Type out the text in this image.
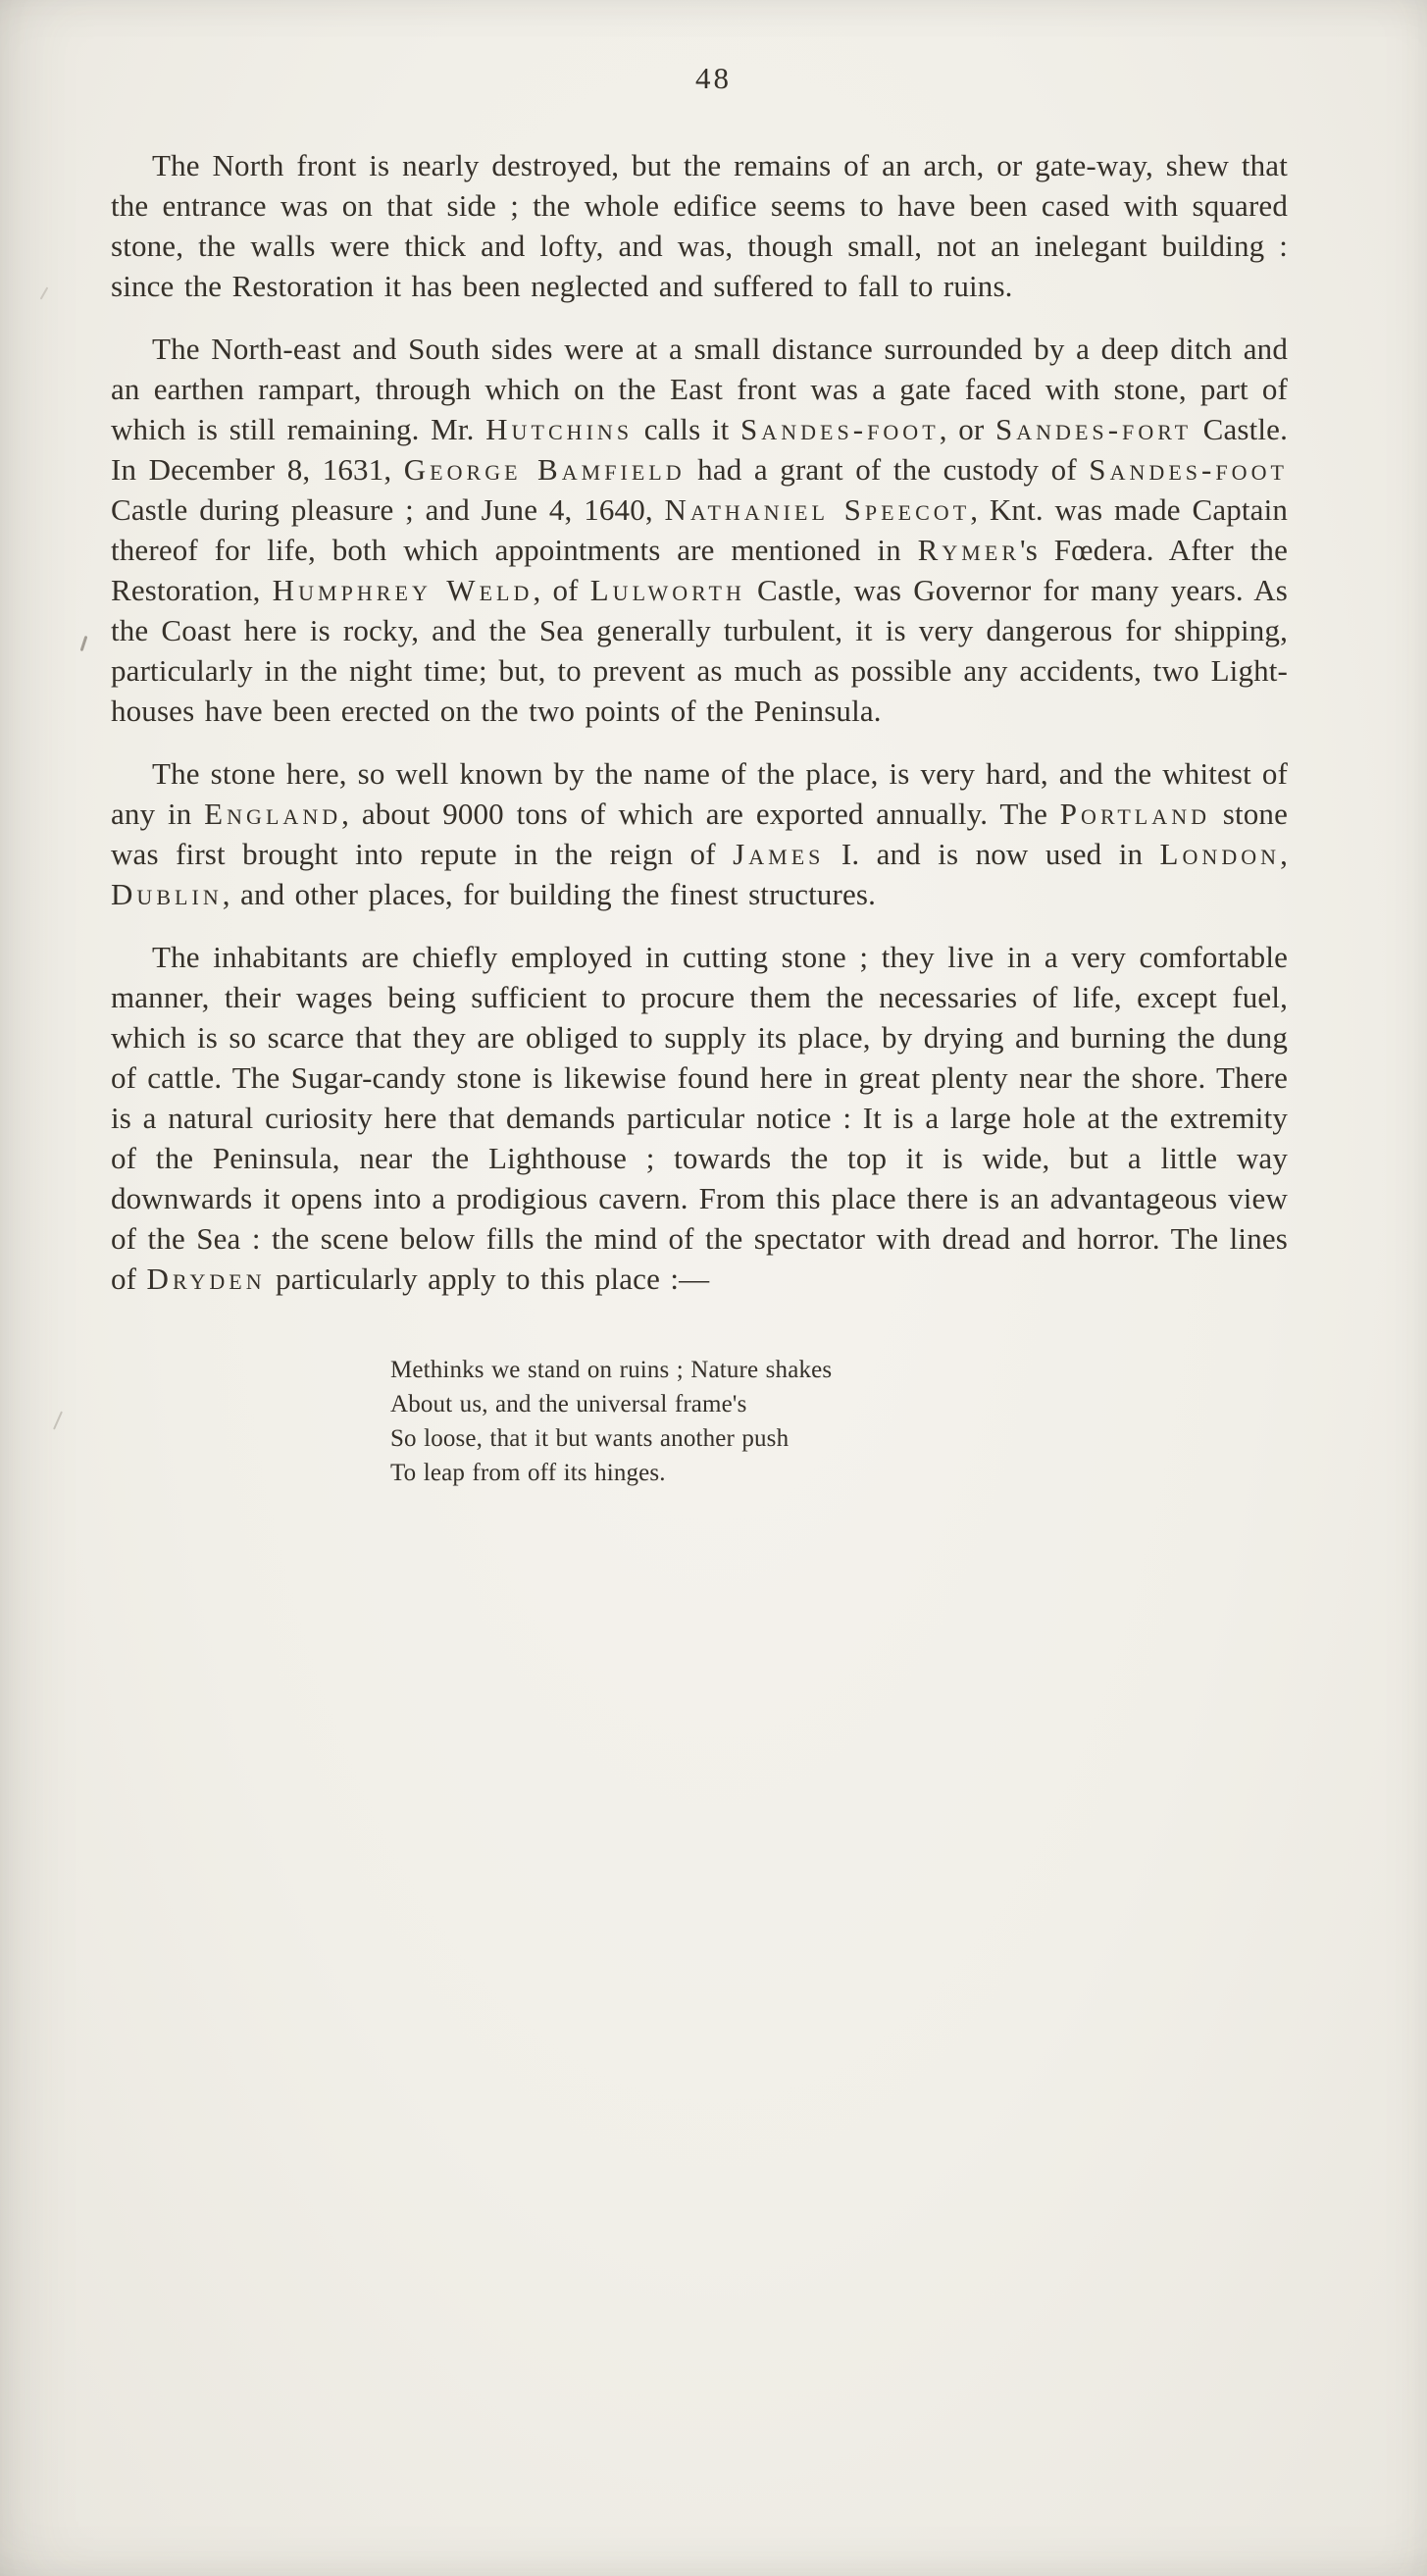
48

The North front is nearly destroyed, but the remains of an arch, or gate-way, shew that the entrance was on that side ; the whole edifice seems to have been cased with squared stone, the walls were thick and lofty, and was, though small, not an inelegant building : since the Restoration it has been neglected and suffered to fall to ruins.

The North-east and South sides were at a small distance surrounded by a deep ditch and an earthen rampart, through which on the East front was a gate faced with stone, part of which is still remaining. Mr. Hutchins calls it Sandes-foot, or Sandes-fort Castle. In December 8, 1631, George Bamfield had a grant of the custody of Sandes-foot Castle during pleasure ; and June 4, 1640, Nathaniel Speecot, Knt. was made Captain thereof for life, both which appointments are mentioned in Rymer's Fœdera. After the Restoration, Humphrey Weld, of Lulworth Castle, was Governor for many years. As the Coast here is rocky, and the Sea generally turbulent, it is very dangerous for shipping, particularly in the night time; but, to prevent as much as possible any accidents, two Light-houses have been erected on the two points of the Peninsula.

The stone here, so well known by the name of the place, is very hard, and the whitest of any in England, about 9000 tons of which are exported annually. The Portland stone was first brought into repute in the reign of James I. and is now used in London, Dublin, and other places, for building the finest structures.

The inhabitants are chiefly employed in cutting stone ; they live in a very comfortable manner, their wages being sufficient to procure them the necessaries of life, except fuel, which is so scarce that they are obliged to supply its place, by drying and burning the dung of cattle. The Sugar-candy stone is likewise found here in great plenty near the shore. There is a natural curiosity here that demands particular notice : It is a large hole at the extremity of the Peninsula, near the Lighthouse ; towards the top it is wide, but a little way downwards it opens into a prodigious cavern. From this place there is an advantageous view of the Sea : the scene below fills the mind of the spectator with dread and horror. The lines of Dryden particularly apply to this place :—

Methinks we stand on ruins ; Nature shakes
About us, and the universal frame's
So loose, that it but wants another push
To leap from off its hinges.
